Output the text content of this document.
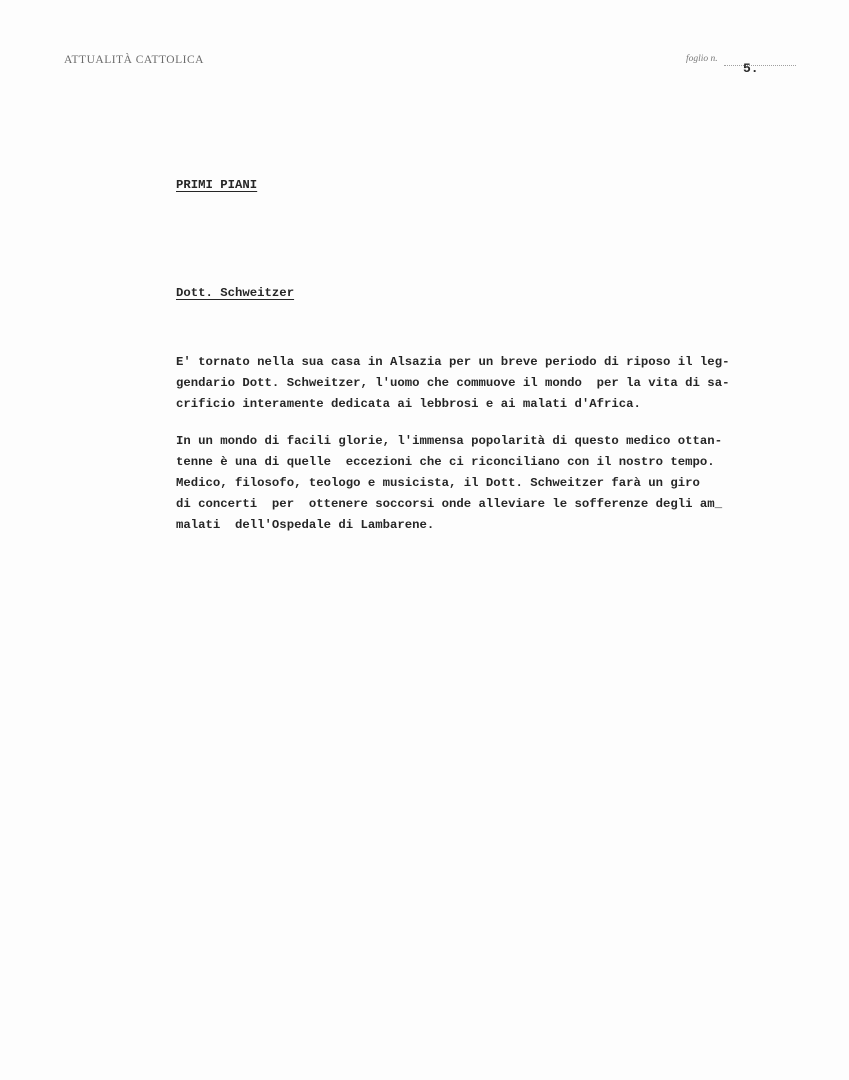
ATTUALITÀ CATTOLICA	foglio n.
5.
PRIMI PIANI
Dott. Schweitzer

E' tornato nella sua casa in Alsazia per un breve periodo di riposo il leg-
gendario Dott. Schweitzer, l'uomo che commuove il mondo  per la vita di sa-
crificio interamente dedicata ai lebbrosi e ai malati d'Africa.

In un mondo di facili glorie, l'immensa popolarità di questo medico ottan-
tenne è una di quelle  eccezioni che ci riconciliano con il nostro tempo.
Medico, filosofo, teologo e musicista, il Dott. Schweitzer farà un giro
di concerti  per  ottenere soccorsi onde alleviare le sofferenze degli am_
malati  dell'Ospedale di Lambarene.
